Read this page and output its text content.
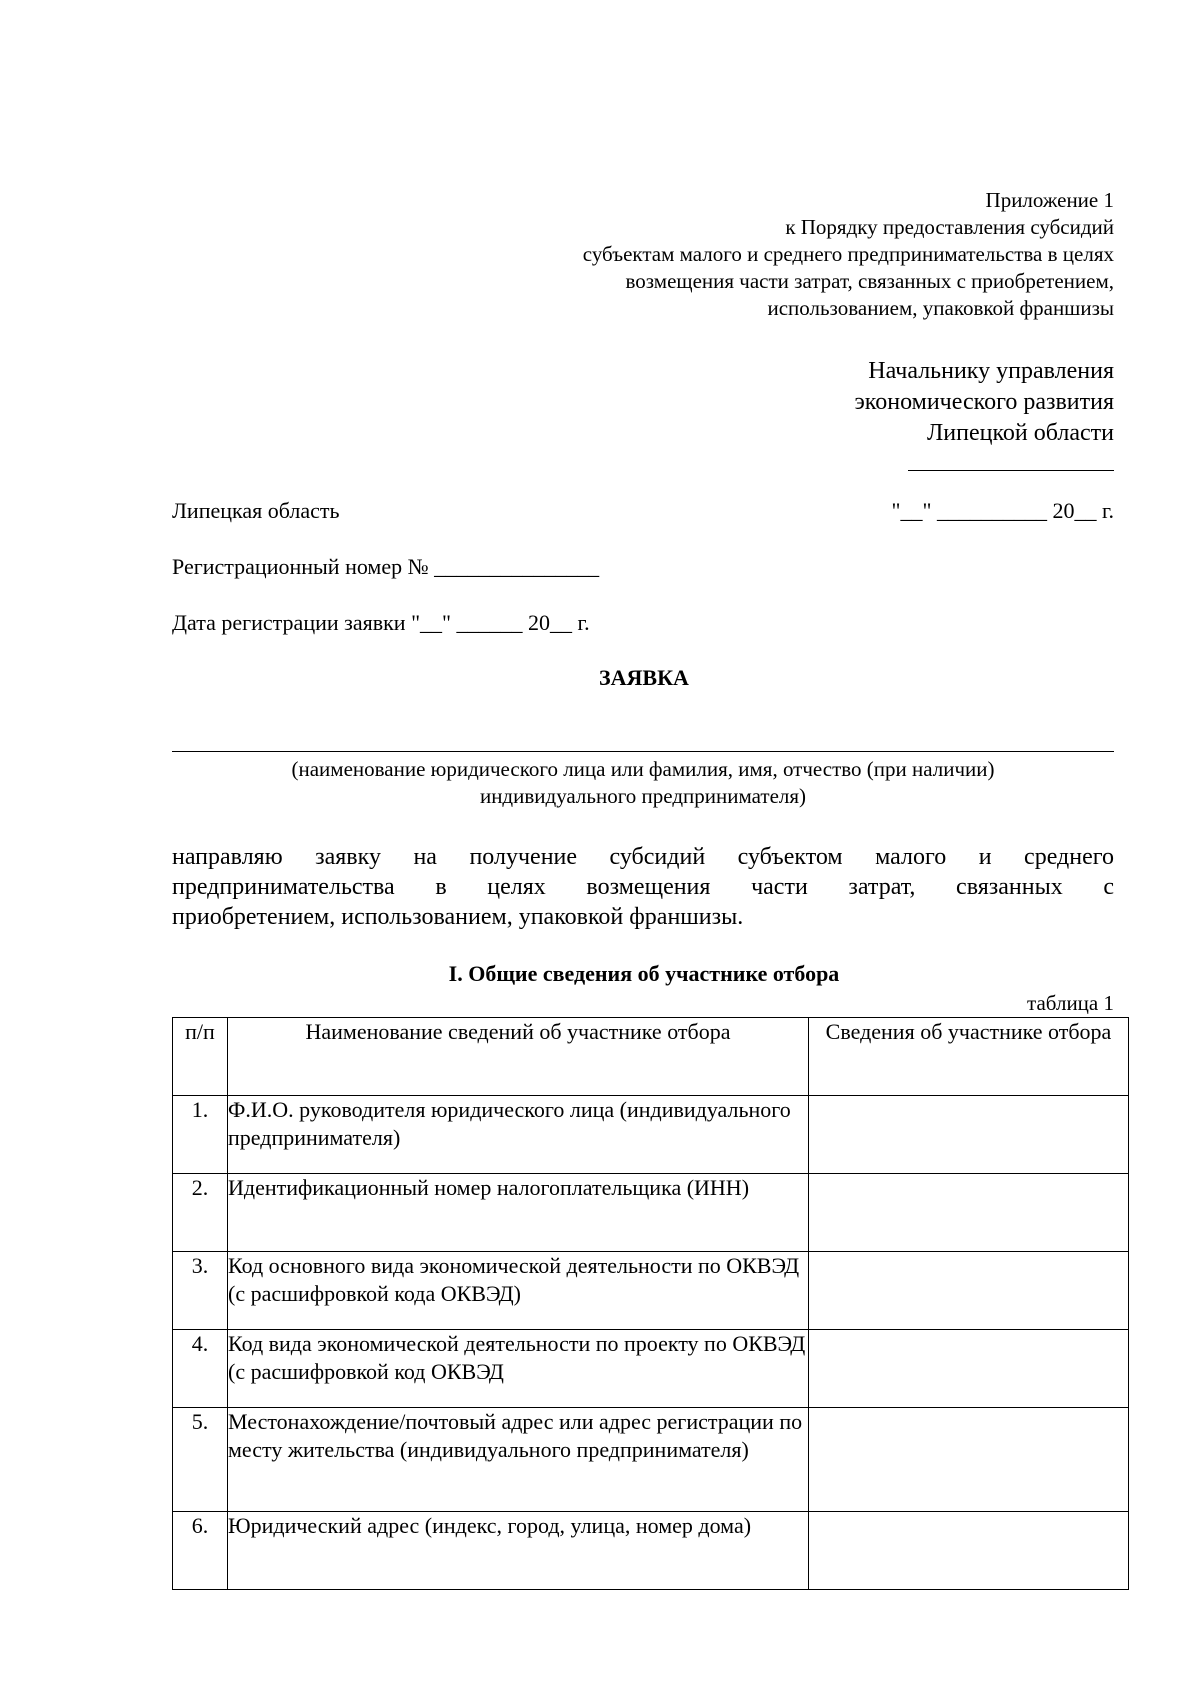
Приложение 1
к Порядку предоставления субсидий
субъектам малого и среднего предпринимательства в целях
возмещения части затрат, связанных с приобретением,
использованием, упаковкой франшизы
Начальнику управления
экономического развития
Липецкой области
Липецкая область	"__" __________ 20__ г.
Регистрационный номер № _______________
Дата регистрации заявки "__" ______ 20__ г.
ЗАЯВКА
(наименование юридического лица или фамилия, имя, отчество (при наличии)
индивидуального предпринимателя)
направляю заявку на получение субсидий субъектом малого и среднего
предпринимательства в целях возмещения части затрат, связанных с
приобретением, использованием, упаковкой франшизы.
I. Общие сведения об участнике отбора
таблица 1
п/п	Наименование сведений об участнике отбора	Сведения об участнике отбора
1.	Ф.И.О. руководителя юридического лица (индивидуального предпринимателя)	
2.	Идентификационный номер налогоплательщика (ИНН)	
3.	Код основного вида экономической деятельности по ОКВЭД (с расшифровкой кода ОКВЭД)	
4.	Код вида экономической деятельности по проекту по ОКВЭД (с расшифровкой код ОКВЭД	
5.	Местонахождение/почтовый адрес или адрес регистрации по месту жительства (индивидуального предпринимателя)	
6.	Юридический адрес (индекс, город, улица, номер дома)	
